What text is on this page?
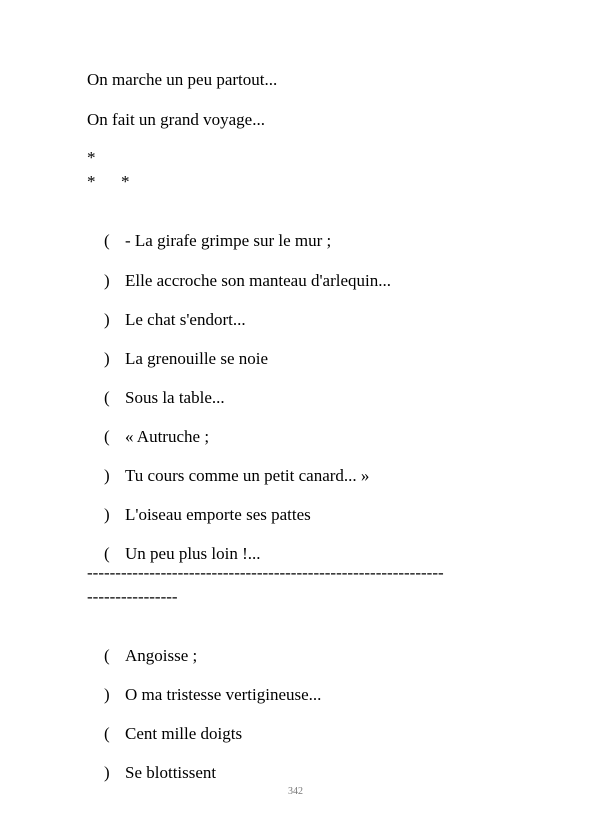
On marche un peu partout...
On fait un grand voyage...
*
*      *

( - La girafe grimpe sur le mur ;

) Elle accroche son manteau d'arlequin...

) Le chat s'endort...

) La grenouille se noie

( Sous la table...

( « Autruche ;

) Tu cours comme un petit canard... »

) L'oiseau emporte ses pattes

( Un peu plus loin !...

---------------------------------------------------------------
----------------

( Angoisse ;

) O ma tristesse vertigineuse...

( Cent mille doigts

) Se blottissent

342
